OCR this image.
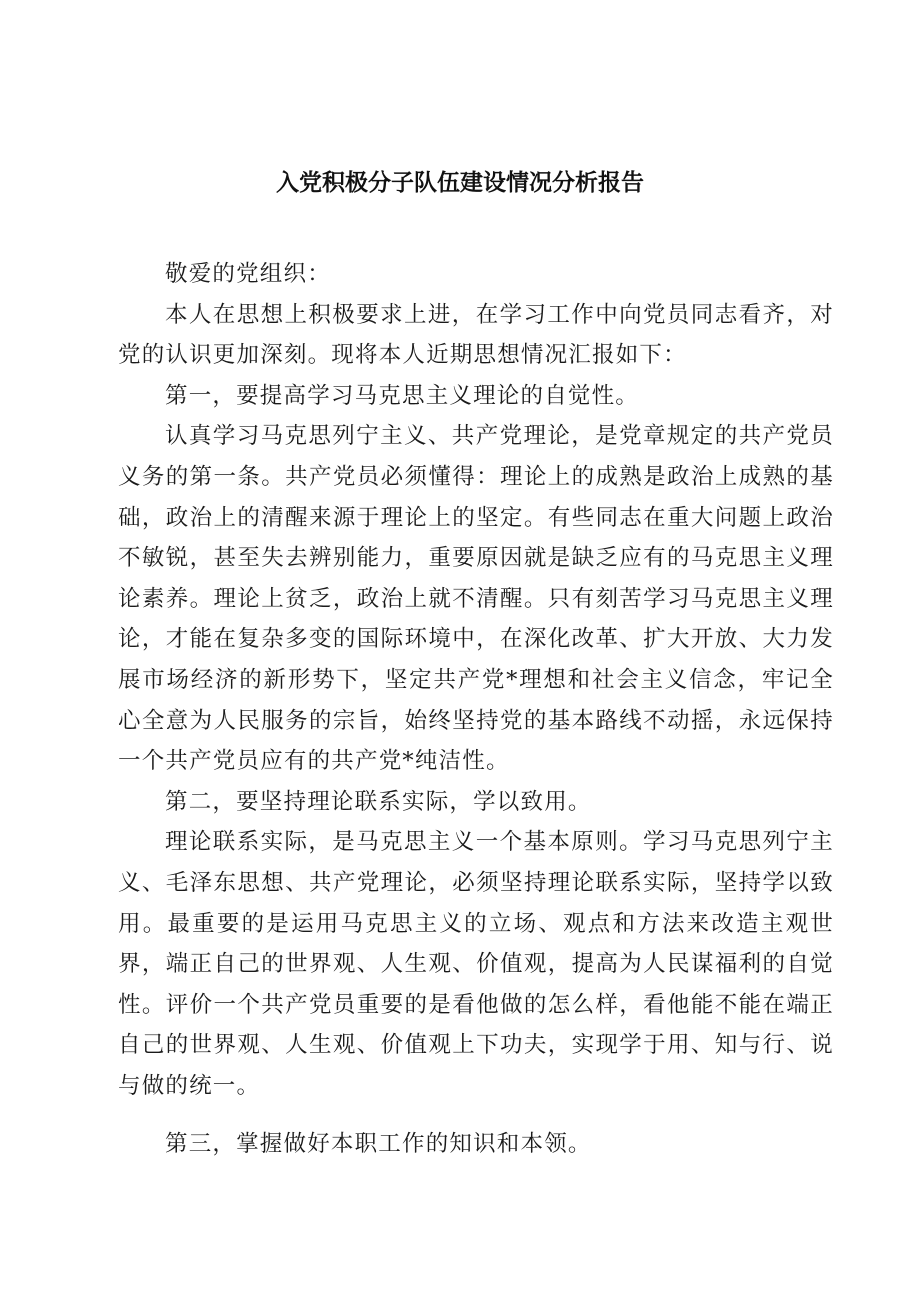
入党积极分子队伍建设情况分析报告

敬爱的党组织：

本人在思想上积极要求上进，在学习工作中向党员同志看齐，对党的认识更加深刻。现将本人近期思想情况汇报如下：

第一，要提高学习马克思主义理论的自觉性。

认真学习马克思列宁主义、共产党理论，是党章规定的共产党员义务的第一条。共产党员必须懂得：理论上的成熟是政治上成熟的基础，政治上的清醒来源于理论上的坚定。有些同志在重大问题上政治不敏锐，甚至失去辨别能力，重要原因就是缺乏应有的马克思主义理论素养。理论上贫乏，政治上就不清醒。只有刻苦学习马克思主义理论，才能在复杂多变的国际环境中，在深化改革、扩大开放、大力发展市场经济的新形势下，坚定共产党*理想和社会主义信念，牢记全心全意为人民服务的宗旨，始终坚持党的基本路线不动摇，永远保持一个共产党员应有的共产党*纯洁性。

第二，要坚持理论联系实际，学以致用。

理论联系实际，是马克思主义一个基本原则。学习马克思列宁主义、毛泽东思想、共产党理论，必须坚持理论联系实际，坚持学以致用。最重要的是运用马克思主义的立场、观点和方法来改造主观世界，端正自己的世界观、人生观、价值观，提高为人民谋福利的自觉性。评价一个共产党员重要的是看他做的怎么样，看他能不能在端正自己的世界观、人生观、价值观上下功夫，实现学于用、知与行、说与做的统一。

第三，掌握做好本职工作的知识和本领。
